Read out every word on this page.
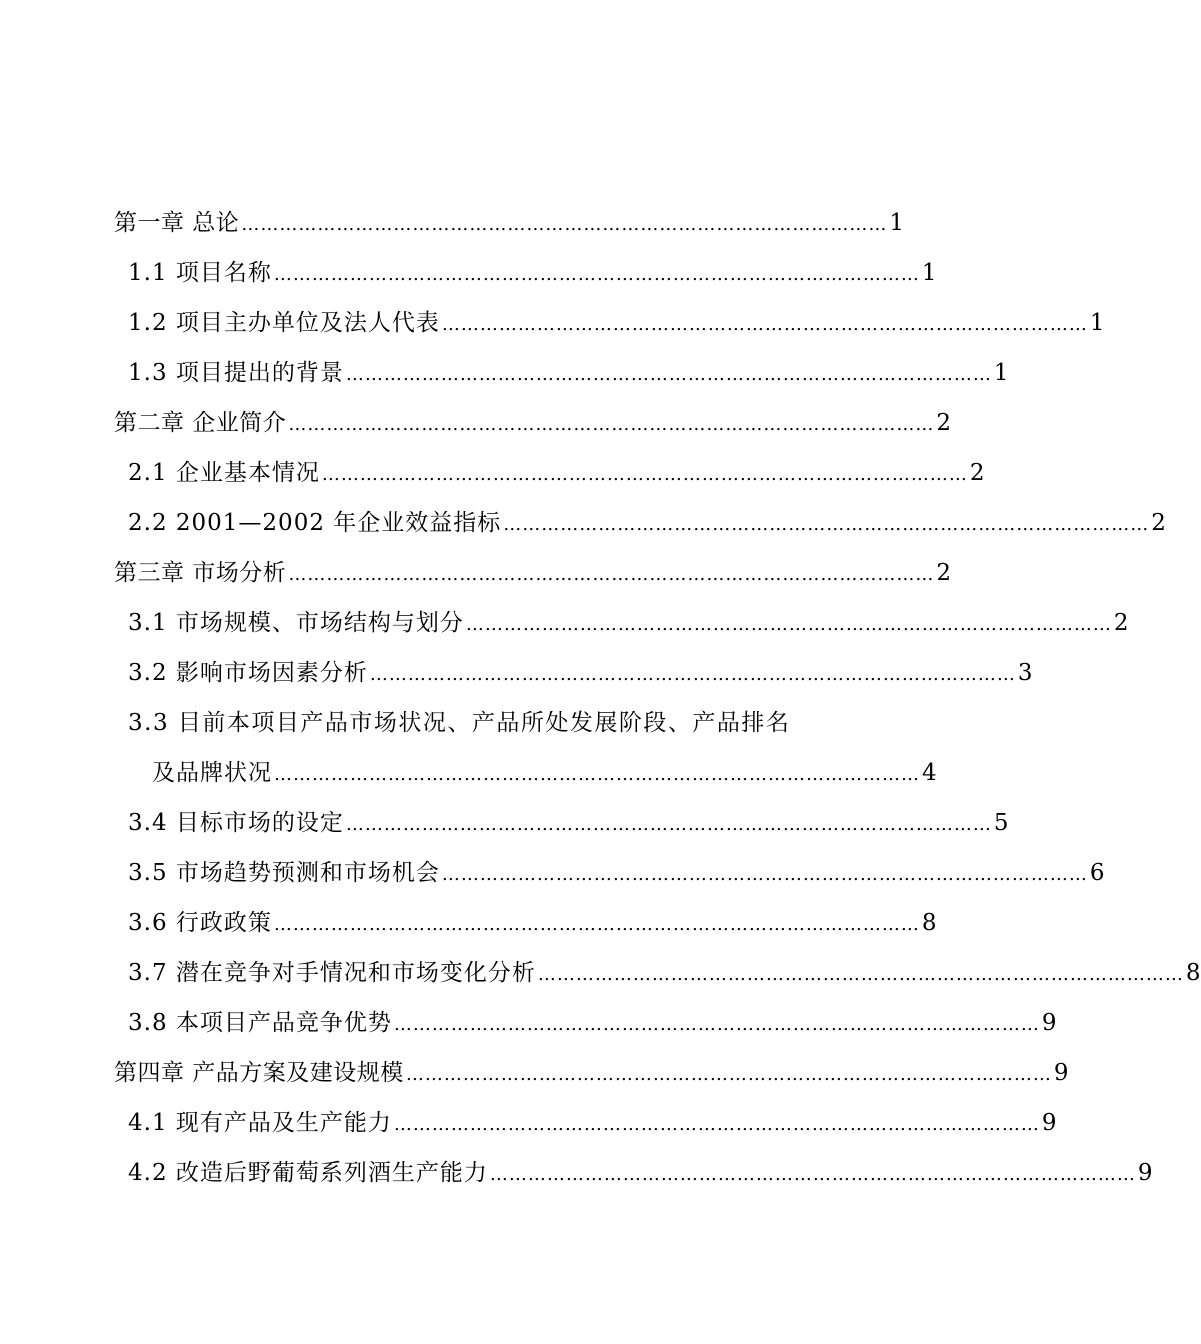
第一章 总论 ………………………………………………………………………………………… 1
1.1 项目名称 ………………………………………………………………………………………… 1
1.2 项目主办单位及法人代表 ………………………………………………………………………………………… 1
1.3 项目提出的背景 ………………………………………………………………………………………… 1
第二章 企业简介 ………………………………………………………………………………………… 2
2.1 企业基本情况 ………………………………………………………………………………………… 2
2.2 2001—2002 年企业效益指标 ………………………………………………………………………………………… 2
第三章 市场分析 ………………………………………………………………………………………… 2
3.1 市场规模、市场结构与划分 ………………………………………………………………………………………… 2
3.2 影响市场因素分析 ………………………………………………………………………………………… 3
3.3 目前本项目产品市场状况、产品所处发展阶段、产品排名
及品牌状况 ………………………………………………………………………………………… 4
3.4 目标市场的设定 ………………………………………………………………………………………… 5
3.5 市场趋势预测和市场机会 ………………………………………………………………………………………… 6
3.6 行政政策 ………………………………………………………………………………………… 8
3.7 潜在竞争对手情况和市场变化分析 ………………………………………………………………………………………… 8
3.8 本项目产品竞争优势 ………………………………………………………………………………………… 9
第四章 产品方案及建设规模 ………………………………………………………………………………………… 9
4.1 现有产品及生产能力 ………………………………………………………………………………………… 9
4.2 改造后野葡萄系列酒生产能力 ………………………………………………………………………………………… 9
